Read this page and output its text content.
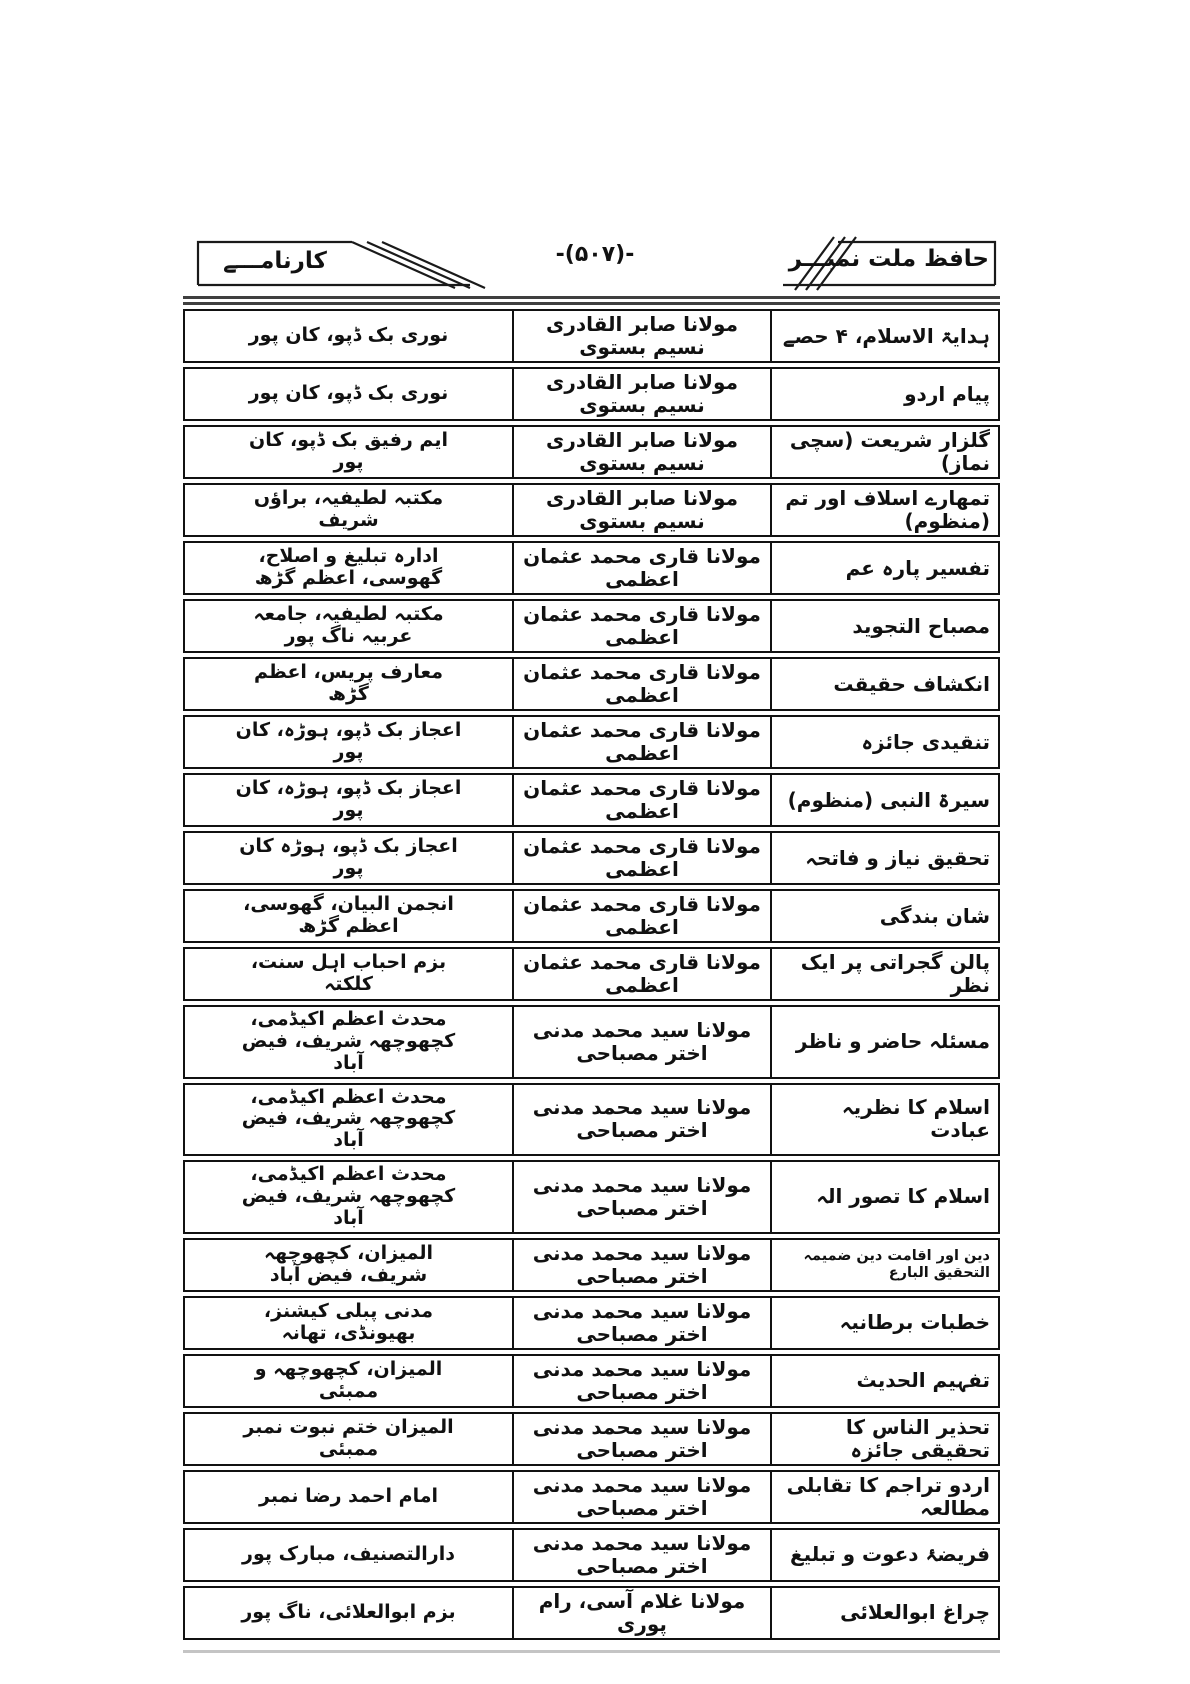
کارنامـــے	-(۵۰۷)-	حافظ ملت نمبـــر
ہدایۃ الاسلام، ۴ حصے
مولانا صابر القادری نسیم بستوی
نوری بک ڈپو، کان پور
پیام اردو
مولانا صابر القادری نسیم بستوی
نوری بک ڈپو، کان پور
گلزار شریعت (سچی نماز)
مولانا صابر القادری نسیم بستوی
ایم رفیق بک ڈپو، کان پور
تمھارے اسلاف اور تم (منظوم)
مولانا صابر القادری نسیم بستوی
مکتبہ لطیفیہ، براؤں شریف
تفسیر پارہ عم
مولانا قاری محمد عثمان اعظمی
ادارہ تبلیغ و اصلاح، گھوسی، اعظم گڑھ
مصباح التجوید
مولانا قاری محمد عثمان اعظمی
مکتبہ لطیفیہ، جامعہ عربیہ ناگ پور
انکشاف حقیقت
مولانا قاری محمد عثمان اعظمی
معارف پریس، اعظم گڑھ
تنقیدی جائزہ
مولانا قاری محمد عثمان اعظمی
اعجاز بک ڈپو، ہوڑہ، کان پور
سیرۃ النبی (منظوم)
مولانا قاری محمد عثمان اعظمی
اعجاز بک ڈپو، ہوڑہ، کان پور
تحقیق نیاز و فاتحہ
مولانا قاری محمد عثمان اعظمی
اعجاز بک ڈپو، ہوڑہ کان پور
شان بندگی
مولانا قاری محمد عثمان اعظمی
انجمن البیان، گھوسی، اعظم گڑھ
پالن گجراتی پر ایک نظر
مولانا قاری محمد عثمان اعظمی
بزم احباب اہل سنت، کلکتہ
مسئلہ حاضر و ناظر
مولانا سید محمد مدنی اختر مصباحی
محدث اعظم اکیڈمی، کچھوچھہ شریف، فیض آباد
اسلام کا نظریہ عبادت
مولانا سید محمد مدنی اختر مصباحی
محدث اعظم اکیڈمی، کچھوچھہ شریف، فیض آباد
اسلام کا تصور الہ
مولانا سید محمد مدنی اختر مصباحی
محدث اعظم اکیڈمی، کچھوچھہ شریف، فیض آباد
دین اور اقامت دین ضمیمہ التحقیق البارع
مولانا سید محمد مدنی اختر مصباحی
المیزان، کچھوچھہ شریف، فیض آباد
خطبات برطانیہ
مولانا سید محمد مدنی اختر مصباحی
مدنی پبلی کیشنز، بھیونڈی، تھانہ
تفہیم الحدیث
مولانا سید محمد مدنی اختر مصباحی
المیزان، کچھوچھہ و ممبئی
تحذیر الناس کا تحقیقی جائزہ
مولانا سید محمد مدنی اختر مصباحی
المیزان ختم نبوت نمبر ممبئی
اردو تراجم کا تقابلی مطالعہ
مولانا سید محمد مدنی اختر مصباحی
امام احمد رضا نمبر
فریضۂ دعوت و تبلیغ
مولانا سید محمد مدنی اختر مصباحی
دارالتصنیف، مبارک پور
چراغ ابوالعلائی
مولانا غلام آسی، رام پوری
بزم ابوالعلائی، ناگ پور
